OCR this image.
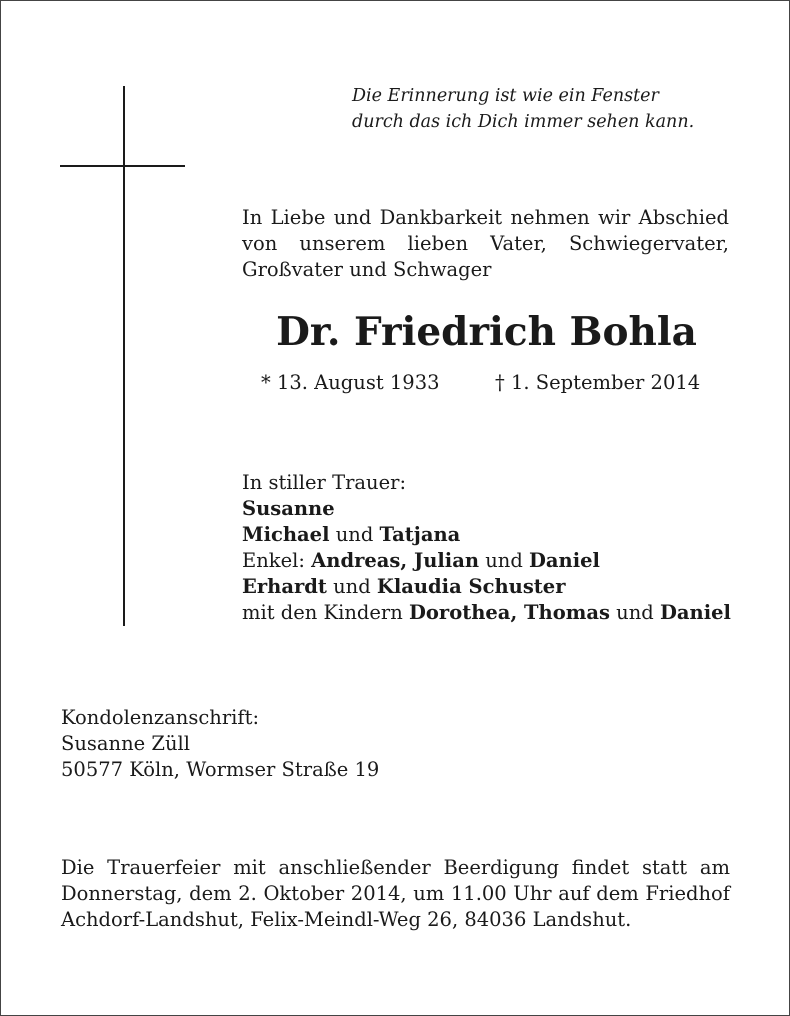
Die Erinnerung ist wie ein Fenster
durch das ich Dich immer sehen kann.
In Liebe und Dankbarkeit nehmen wir Abschied von unserem lieben Vater, Schwiegervater, Großvater und Schwager
Dr. Friedrich Bohla
* 13. August 1933	† 1. September 2014
In stiller Trauer:
Susanne
Michael und Tatjana
Enkel: Andreas, Julian und Daniel
Erhardt und Klaudia Schuster
mit den Kindern Dorothea, Thomas und Daniel
Kondolenzanschrift:
Susanne Züll
50577 Köln, Wormser Straße 19
Die Trauerfeier mit anschließender Beerdigung findet statt am
Donnerstag, dem 2. Oktober 2014, um 11.00 Uhr auf dem Friedhof
Achdorf-Landshut, Felix-Meindl-Weg 26, 84036 Landshut.
